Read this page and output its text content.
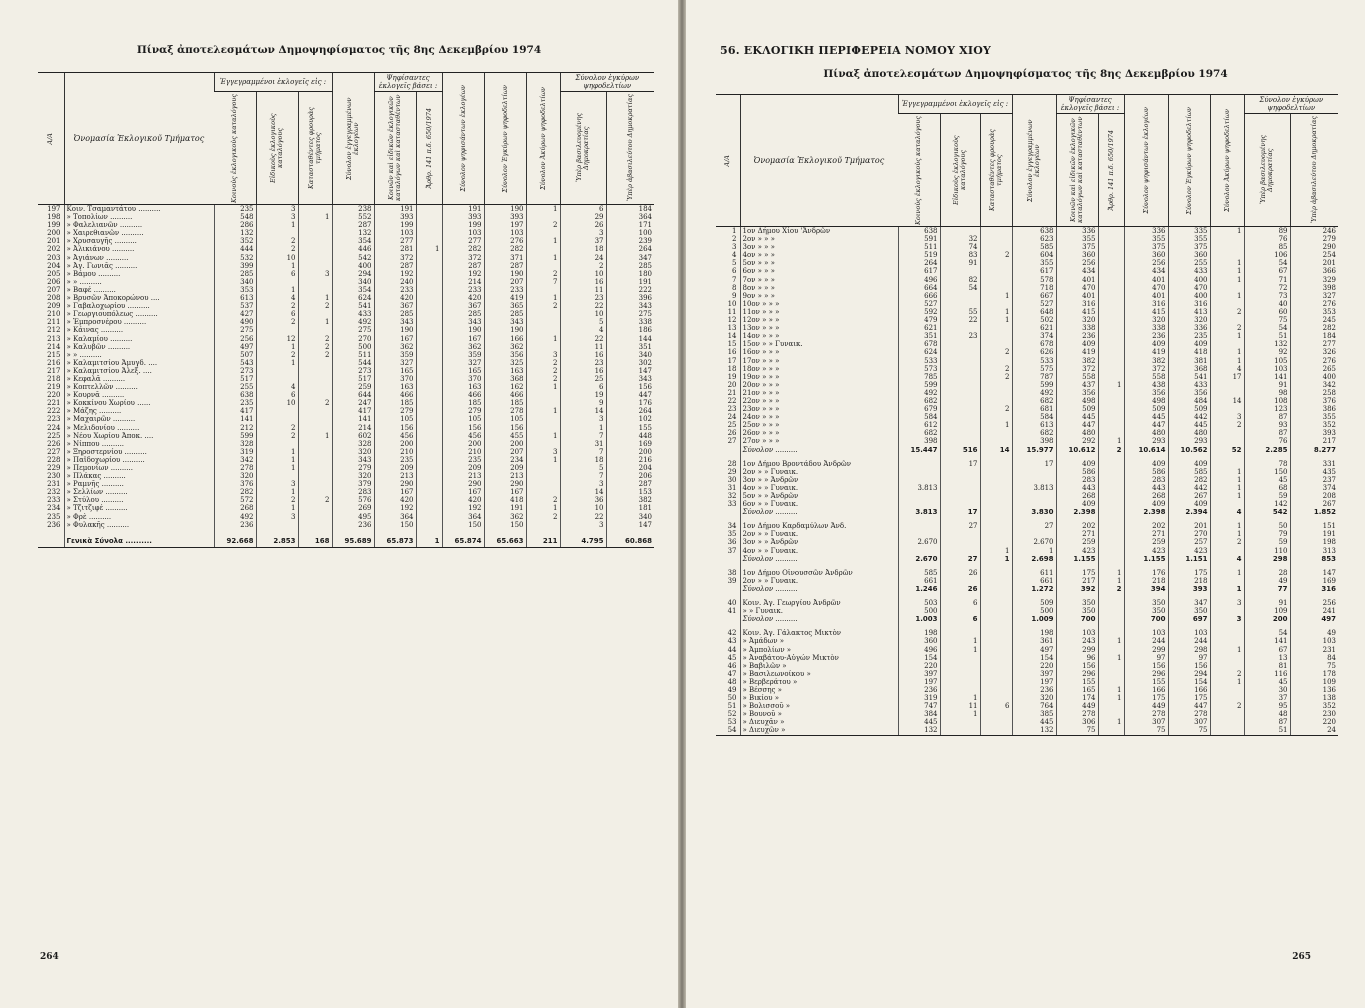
Πίναξ ἀποτελεσμάτων Δημοψηφίσματος τῆς 8ης Δεκεμβρίου 1974
Α/Α	Ὀνομασία Ἐκλογικοῦ Τμήματος	Ἐγγεγραμμένοι ἐκλογεῖς εἰς :			Σύνολον ἐγγεγραμμένων ἐκλογέων	Ψηφίσαντες ἐκλογεῖς βάσει :		Σύνολον ψηφισάντων ἐκλογέων	Σύνολον Ἐγκύρων ψηφοδελτίων	Σύνολον Ἀκύρων ψηφοδελτίων	Σύνολον ἐγκύρων ψηφοδελτίων	

		Κοινοὺς ἐκλογικοὺς καταλόγους	Εἰδικοὺς ἐκλογικοὺς καταλόγους	Κατασταθέντες φρουρὰς τμήματος		Κοινῶν καὶ εἰδικῶν ἐκλογικῶν καταλόγων καὶ κατασταθέντων	Ἄρθρ. 141 π.δ. 650/1974				Ὑπὲρ βασιλευομένης Δημοκρατίας	Ὑπὲρ ἀβασιλεύτου Δημοκρατίας

197	Κοιν. Τσαμαντάτου ..........	235	3		238	191		191	190	1	6	184
198	» Τοπολίων ..........	548	3	1	552	393		393	393		29	364
199	» Φαλελιανῶν ..........	286	1		287	199		199	197	2	26	171
200	» Χαιρεθιανῶν ..........	132			132	103		103	103		3	100
201	» Χρυσαυγῆς ..........	352	2		354	277		277	276	1	37	239
202	» Ἀλικιάνου ..........	444	2		446	281	1	282	282		18	264
203	» Ἀγιάνων ..........	532	10		542	372		372	371	1	24	347
204	» Ἀγ. Γωνιᾶς ..........	399	1		400	287		287	287		2	285
205	» Βάμου ..........	285	6	3	294	192		192	190	2	10	180
206	» » ..........	340			340	240		214	207	7	16	191
207	» Βαφέ ..........	353	1		354	233		233	233		11	222
208	» Βρυσῶν Ἀποκορώνου ....	613	4	1	624	420		420	419	1	23	396
209	» Γαβαλοχωρίου ..........	537	2	2	541	367		367	365	2	22	343
210	» Γεωργιουπόλεως ..........	427	6		433	285		285	285		10	275
211	» Ἐμπροσνέρου ..........	490	2	1	492	343		343	343		5	338
212	» Κάινας ..........	275			275	190		190	190		4	186
213	» Καλαμίου ..........	256	12	2	270	167		167	166	1	22	144
214	» Καλυβῶν ..........	497	1	2	500	362		362	362		11	351
215	» » ..........	507	2	2	511	359		359	356	3	16	340
216	» Καλαμιτσίου Ἀμυγδ. ....	543	1		544	327		327	325	2	23	302
217	» Καλαμιτσίου Ἀλεξ. ....	273			273	165		165	163	2	16	147
218	» Κεφαλᾶ ..........	517			517	370		370	368	2	25	343
219	» Κοπτελλῶν ..........	255	4		259	163		163	162	1	6	156
220	» Κουρνᾶ ..........	638	6		644	466		466	466		19	447
221	» Κοκκίνου Χωρίου ......	235	10	2	247	185		185	185		9	176
222	» Μάζης ..........	417			417	279		279	278	1	14	264
223	» Μαχαιρῶν ..........	141			141	105		105	105		3	102
224	» Μελιδονίου ..........	212	2		214	156		156	156		1	155
225	» Νέου Χωρίου Ἀποκ. ....	599	2	1	602	456		456	455	1	7	448
226	» Νίππου ..........	328			328	200		200	200		31	169
227	» Ξηροστερνίου ..........	319	1		320	210		210	207	3	7	200
228	» Παϊδοχωρίου ..........	342	1		343	235		235	234	1	18	216
229	» Πεμονίων ..........	278	1		279	209		209	209		5	204
230	» Πλάκας ..........	320			320	213		213	213		7	206
231	» Ραμνῆς ..........	376	3		379	290		290	290		3	287
232	» Σελλίων ..........	282	1		283	167		167	167		14	153
233	» Στύλου ..........	572	2	2	576	420		420	418	2	36	382
234	» Τζιτζιφέ ..........	268	1		269	192		192	191	1	10	181
235	» Φρὲ ..........	492	3		495	364		364	362	2	22	340
236	» Φυλακῆς ..........	236			236	150		150	150		3	147

	Γενικὰ Σύνολα ..........	92.668	2.853	168	95.689	65.873	1	65.874	65.663	211	4.795	60.868
264
56. ΕΚΛΟΓΙΚΗ ΠΕΡΙΦΕΡΕΙΑ ΝΟΜΟΥ ΧΙΟΥ
Πίναξ ἀποτελεσμάτων Δημοψηφίσματος τῆς 8ης Δεκεμβρίου 1974
Α/Α	Ὀνομασία Ἐκλογικοῦ Τμήματος	Ἐγγεγραμμένοι ἐκλογεῖς εἰς :			Σύνολον ἐγγεγραμμένων ἐκλογέων	Ψηφίσαντες ἐκλογεῖς βάσει :		Σύνολον ψηφισάντων ἐκλογέων	Σύνολον Ἐγκύρων ψηφοδελτίων	Σύνολον Ἀκύρων ψηφοδελτίων	Σύνολον ἐγκύρων ψηφοδελτίων	

		Κοινοὺς ἐκλογικοὺς καταλόγους	Εἰδικοὺς ἐκλογικοὺς καταλόγους	Κατασταθέντες φρουρὰς τμήματος		Κοινῶν καὶ εἰδικῶν ἐκλογικῶν καταλόγων καὶ κατασταθέντων	Ἄρθρ. 141 π.δ. 650/1974				Ὑπὲρ βασιλευομένης Δημοκρατίας	Ὑπὲρ ἀβασιλεύτου Δημοκρατίας

1	1ον Δήμου Χίου 'Ἀνδρῶν	638			638	336		336	335	1	89	246
2	2ον » » »	591	32		623	355		355	355		76	279
3	3ον » » »	511	74		585	375		375	375		85	290
4	4ον » » »	519	83	2	604	360		360	360		106	254
5	5ον » » »	264	91		355	256		256	255	1	54	201
6	6ον » » »	617			617	434		434	433	1	67	366
7	7ον » » »	496	82		578	401		401	400	1	71	329
8	8ον » » »	664	54		718	470		470	470		72	398
9	9ον » » »	666		1	667	401		401	400	1	73	327
10	10ον » » »	527			527	316		316	316		40	276
11	11ον » » »	592	55	1	648	415		415	413	2	60	353
12	12ον » » »	479	22	1	502	320		320	320		75	245
13	13ον » » »	621			621	338		338	336	2	54	282
14	14ον » » »	351	23		374	236		236	235	1	51	184
15	15ον » » Γυναικ.	678			678	409		409	409		132	277
16	16ον » » »	624		2	626	419		419	418	1	92	326
17	17ον » » »	533			533	382		382	381	1	105	276
18	18ον » » »	573		2	575	372		372	368	4	103	265
19	19ον » » »	785		2	787	558		558	541	17	141	400
20	20ον » » »	599			599	437	1	438	433		91	342
21	21ον » » »	492			492	356		356	356		98	258
22	22ον » » »	682			682	498		498	484	14	108	376
23	23ον » » »	679		2	681	509		509	509		123	386
24	24ον » » »	584			584	445		445	442	3	87	355
25	25ον » » »	612		1	613	447		447	445	2	93	352
26	26ον » » »	682			682	480		480	480		87	393
27	27ον » » »	398			398	292	1	293	293		76	217
	Σύνολον ..........	15.447	516	14	15.977	10.612	2	10.614	10.562	52	2.285	8.277

28	1ον Δήμου Βροντάδου Ἀνδρῶν		17		17	409		409	409		78	331
29	2ον » » Γυναικ.					586		586	585	1	150	435
30	3ον » » Ἀνδρῶν					283		283	282	1	45	237
31	4ον » » Γυναικ.	3.813			3.813	443		443	442	1	68	374
32	5ον » » Ἀνδρῶν					268		268	267	1	59	208
33	6ον » » Γυναικ.					409		409	409		142	267
	Σύνολον ..........	3.813	17		3.830	2.398		2.398	2.394	4	542	1.852

34	1ον Δήμου Καρδαμύλων Ἀνδ.		27		27	202		202	201	1	50	151
35	2ον » » Γυναικ.					271		271	270	1	79	191
36	3ον » » Ἀνδρῶν	2.670			2.670	259		259	257	2	59	198
37	4ον » » Γυναικ.			1	1	423		423	423		110	313
	Σύνολον ..........	2.670	27	1	2.698	1.155		1.155	1.151	4	298	853

38	1ον Δήμου Οἰνουσσῶν Ἀνδρῶν	585	26		611	175	1	176	175	1	28	147
39	2ον » » Γυναικ.	661			661	217	1	218	218		49	169
	Σύνολον ..........	1.246	26		1.272	392	2	394	393	1	77	316

40	Κοιν. Ἀγ. Γεωργίου Ἀνδρῶν	503	6		509	350		350	347	3	91	256
41	» » Γυναικ.	500			500	350		350	350		109	241
	Σύνολον ..........	1.003	6		1.009	700		700	697	3	200	497

42	Κοιν. Ἀγ. Γάλακτος Μικτὸν	198			198	103		103	103		54	49
43	» Ἀμάδων »	360	1		361	243	1	244	244		141	103
44	» Ἀμπολίων »	496	1		497	299		299	298	1	67	231
45	» Ἀναβάτου-Αὐγών Μικτὸν	154			154	96	1	97	97		13	84
46	» Βαβιλῶν »	220			220	156		156	156		81	75
47	» Βασιλεωνοίκου »	397			397	296		296	294	2	116	178
48	» Βερβεράτου »	197			197	155		155	154	1	45	109
49	» Βέσσης »	236			236	165	1	166	166		30	136
50	» Βικίου »	319	1		320	174	1	175	175		37	138
51	» Βολισσοῦ »	747	11	6	764	449		449	447	2	95	352
52	» Βουνοῦ »	384	1		385	278		278	278		48	230
53	» Διευχᾶν »	445			445	306	1	307	307		87	220
54	» Διευχῶν »	132			132	75		75	75		51	24
265
